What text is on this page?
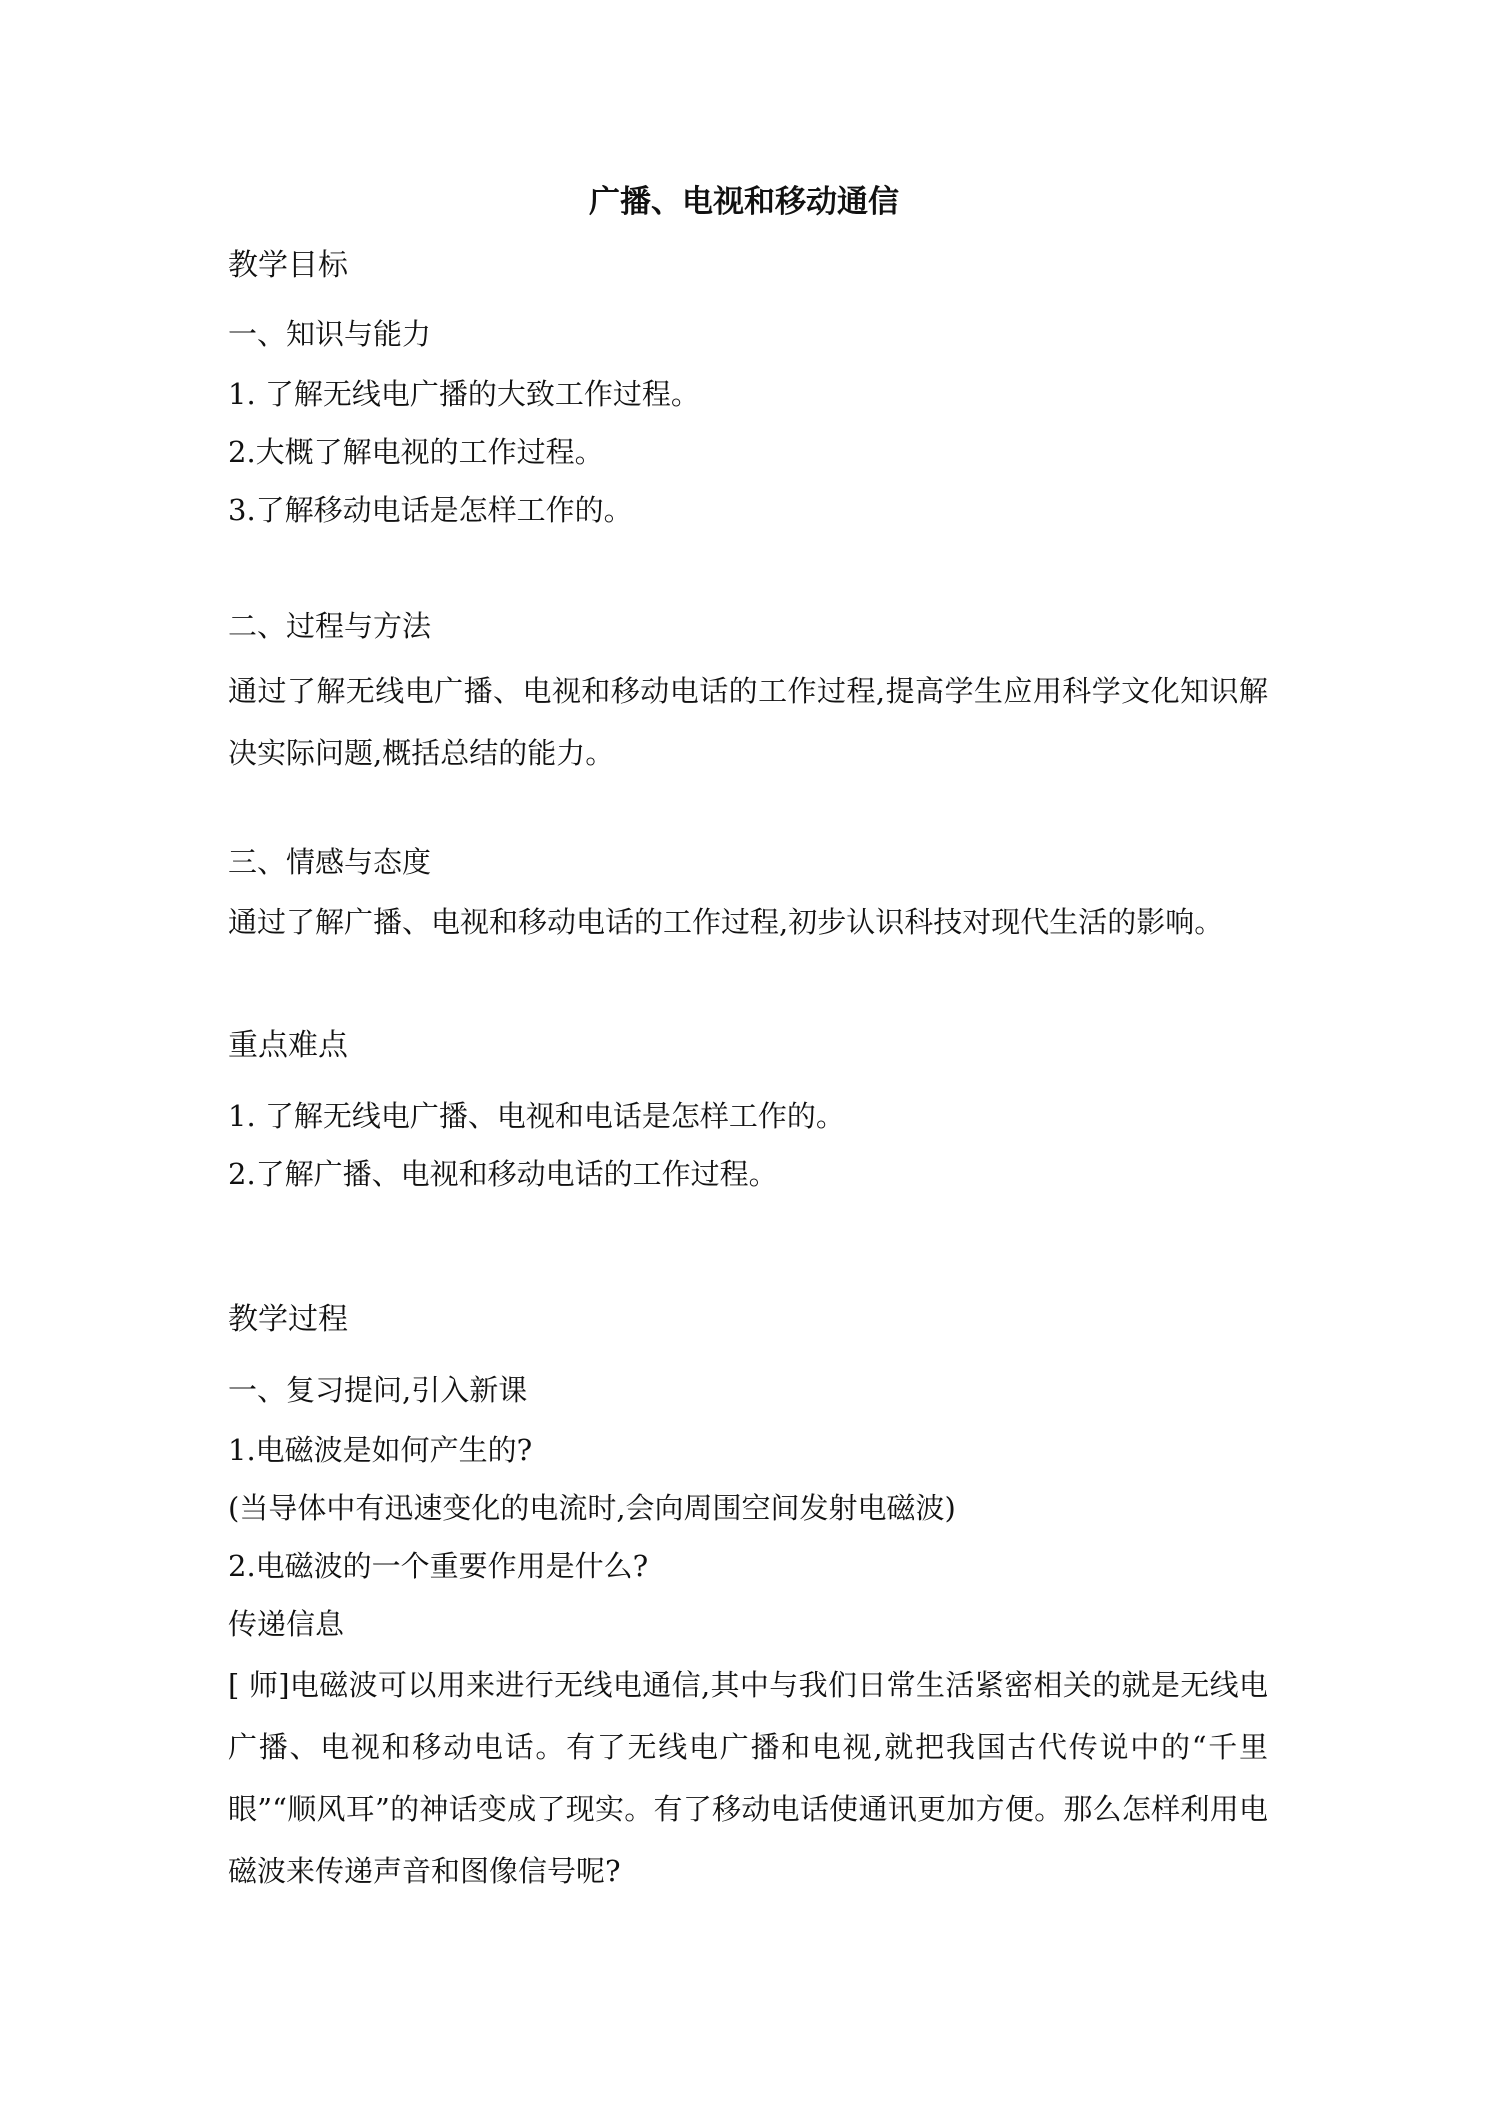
广播、电视和移动通信
教学目标
一、知识与能力
1. 了解无线电广播的大致工作过程。
2.大概了解电视的工作过程。
3.了解移动电话是怎样工作的。
二、过程与方法

通过了解无线电广播、电视和移动电话的工作过程,提高学生应用科学文化知识解决实际问题,概括总结的能力。

三、情感与态度
通过了解广播、电视和移动电话的工作过程,初步认识科技对现代生活的影响。
重点难点
1. 了解无线电广播、电视和电话是怎样工作的。
2.了解广播、电视和移动电话的工作过程。
教学过程
一、复习提问,引入新课
1.电磁波是如何产生的?
(当导体中有迅速变化的电流时,会向周围空间发射电磁波)
2.电磁波的一个重要作用是什么?
传递信息

[ 师]电磁波可以用来进行无线电通信,其中与我们日常生活紧密相关的就是无线电广播、电视和移动电话。有了无线电广播和电视,就把我国古代传说中的“千里眼”“顺风耳”的神话变成了现实。有了移动电话使通讯更加方便。那么怎样利用电磁波来传递声音和图像信号呢?
